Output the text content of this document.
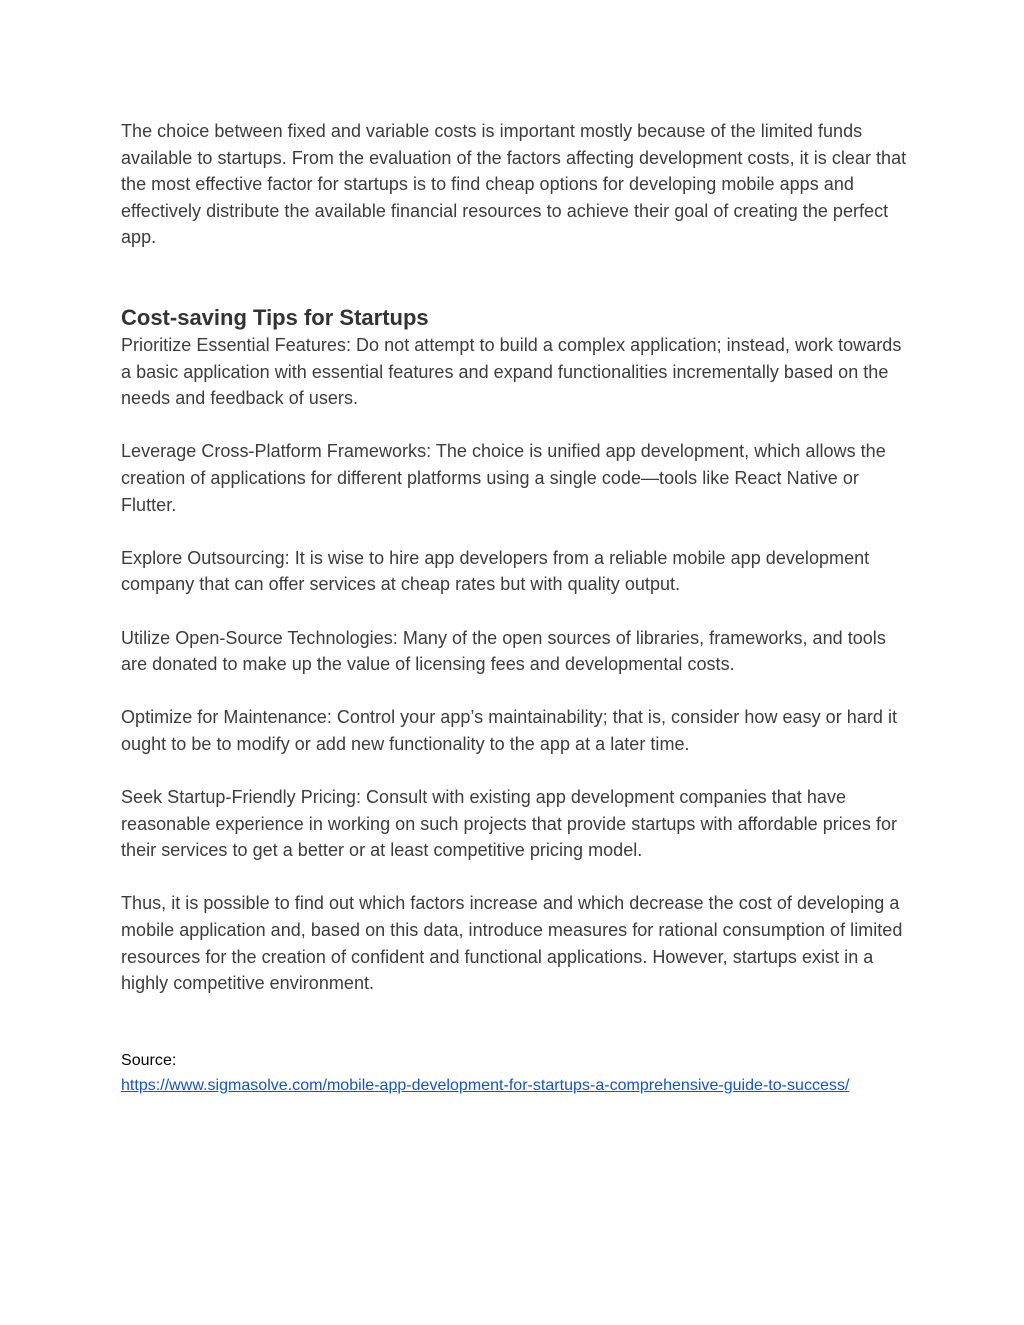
The choice between fixed and variable costs is important mostly because of the limited funds available to startups. From the evaluation of the factors affecting development costs, it is clear that the most effective factor for startups is to find cheap options for developing mobile apps and effectively distribute the available financial resources to achieve their goal of creating the perfect app.

Cost-saving Tips for Startups

Prioritize Essential Features: Do not attempt to build a complex application; instead, work towards a basic application with essential features and expand functionalities incrementally based on the needs and feedback of users.

Leverage Cross-Platform Frameworks: The choice is unified app development, which allows the creation of applications for different platforms using a single code—tools like React Native or Flutter.

Explore Outsourcing: It is wise to hire app developers from a reliable mobile app development company that can offer services at cheap rates but with quality output.

Utilize Open-Source Technologies: Many of the open sources of libraries, frameworks, and tools are donated to make up the value of licensing fees and developmental costs.

Optimize for Maintenance: Control your app’s maintainability; that is, consider how easy or hard it ought to be to modify or add new functionality to the app at a later time.

Seek Startup-Friendly Pricing: Consult with existing app development companies that have reasonable experience in working on such projects that provide startups with affordable prices for their services to get a better or at least competitive pricing model.

Thus, it is possible to find out which factors increase and which decrease the cost of developing a mobile application and, based on this data, introduce measures for rational consumption of limited resources for the creation of confident and functional applications. However, startups exist in a highly competitive environment.

Source:

https://www.sigmasolve.com/mobile-app-development-for-startups-a-comprehensive-guide-to-success/
